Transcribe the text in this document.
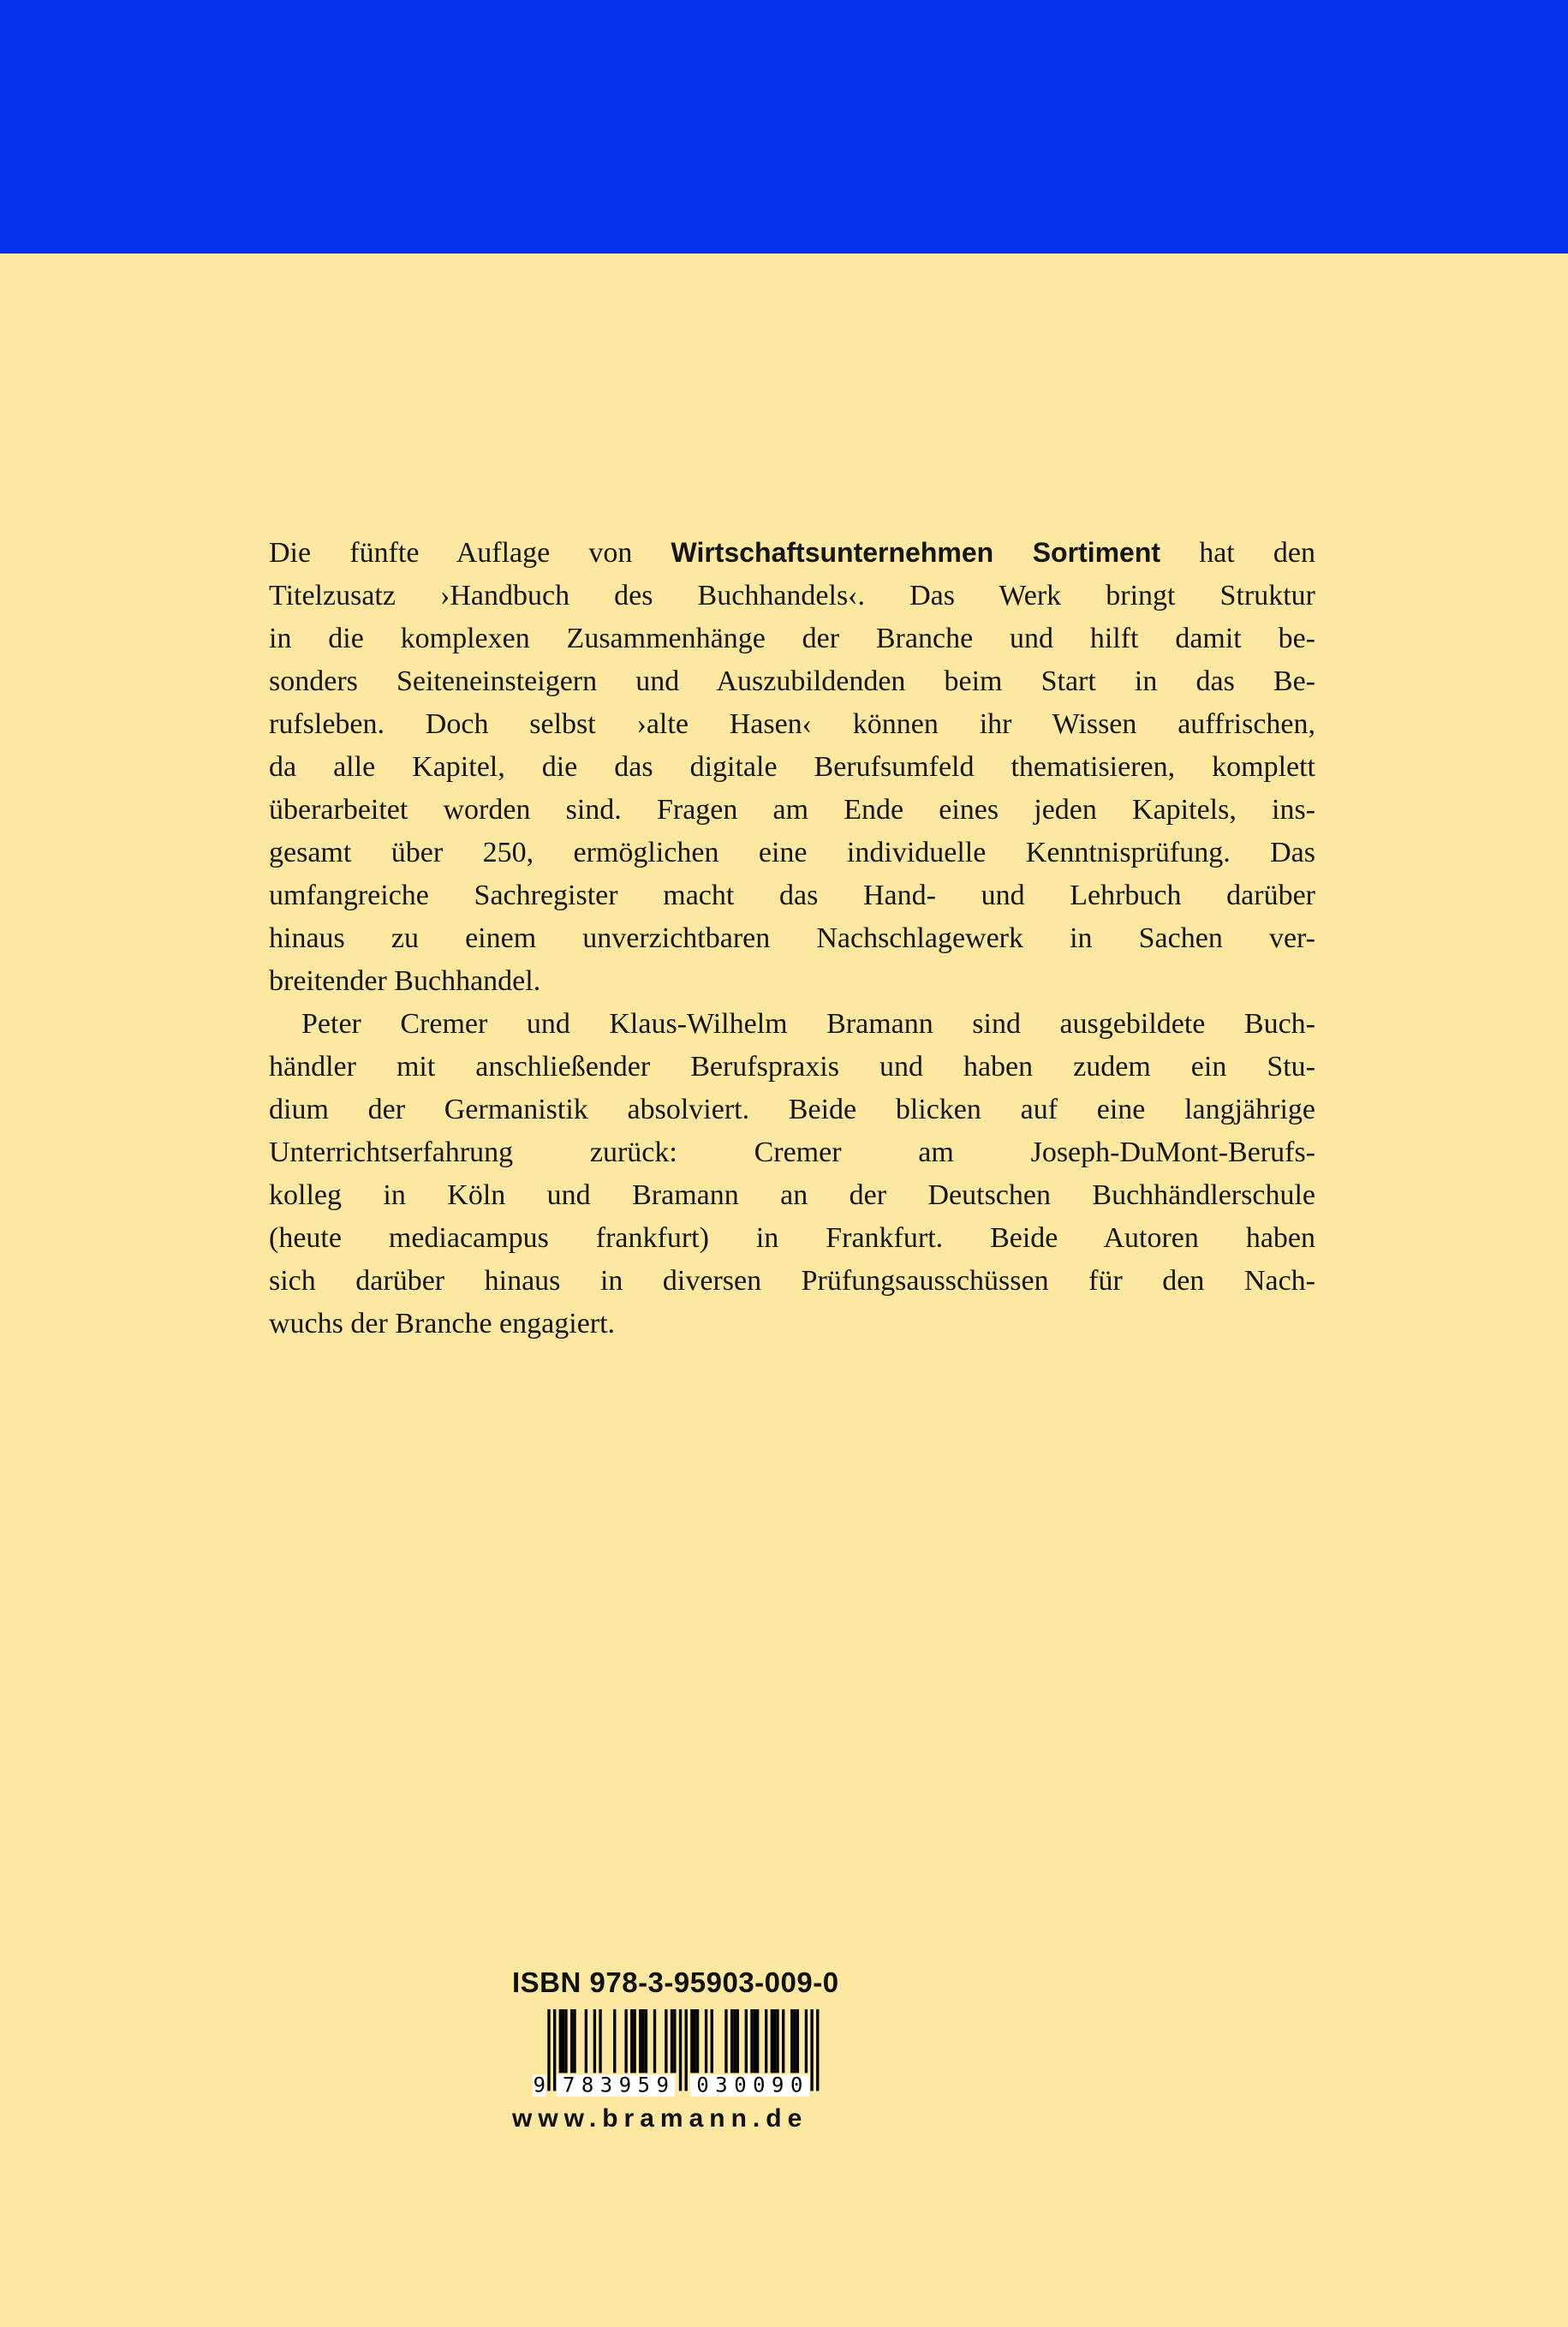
Die fünfte Auflage von Wirtschaftsunternehmen Sortiment hat den
Titelzusatz ›Handbuch des Buchhandels‹. Das Werk bringt Struktur
in die komplexen Zusammenhänge der Branche und hilft damit be-
sonders Seiteneinsteigern und Auszubildenden beim Start in das Be-
rufsleben. Doch selbst ›alte Hasen‹ können ihr Wissen auffrischen,
da alle Kapitel, die das digitale Berufsumfeld thematisieren, komplett
überarbeitet worden sind. Fragen am Ende eines jeden Kapitels, ins-
gesamt über 250, ermöglichen eine individuelle Kenntnisprüfung. Das
umfangreiche Sachregister macht das Hand- und Lehrbuch darüber
hinaus zu einem unverzichtbaren Nachschlagewerk in Sachen ver-
breitender Buchhandel.
Peter Cremer und Klaus-Wilhelm Bramann sind ausgebildete Buch-
händler mit anschließender Berufspraxis und haben zudem ein Stu-
dium der Germanistik absolviert. Beide blicken auf eine langjährige
Unterrichtserfahrung zurück: Cremer am Joseph-DuMont-Berufs-
kolleg in Köln und Bramann an der Deutschen Buchhändlerschule
(heute mediacampus frankfurt) in Frankfurt. Beide Autoren haben
sich darüber hinaus in diversen Prüfungsausschüssen für den Nach-
wuchs der Branche engagiert.
ISBN 978-3-95903-009-0
9 783959 030090
www.bramann.de
